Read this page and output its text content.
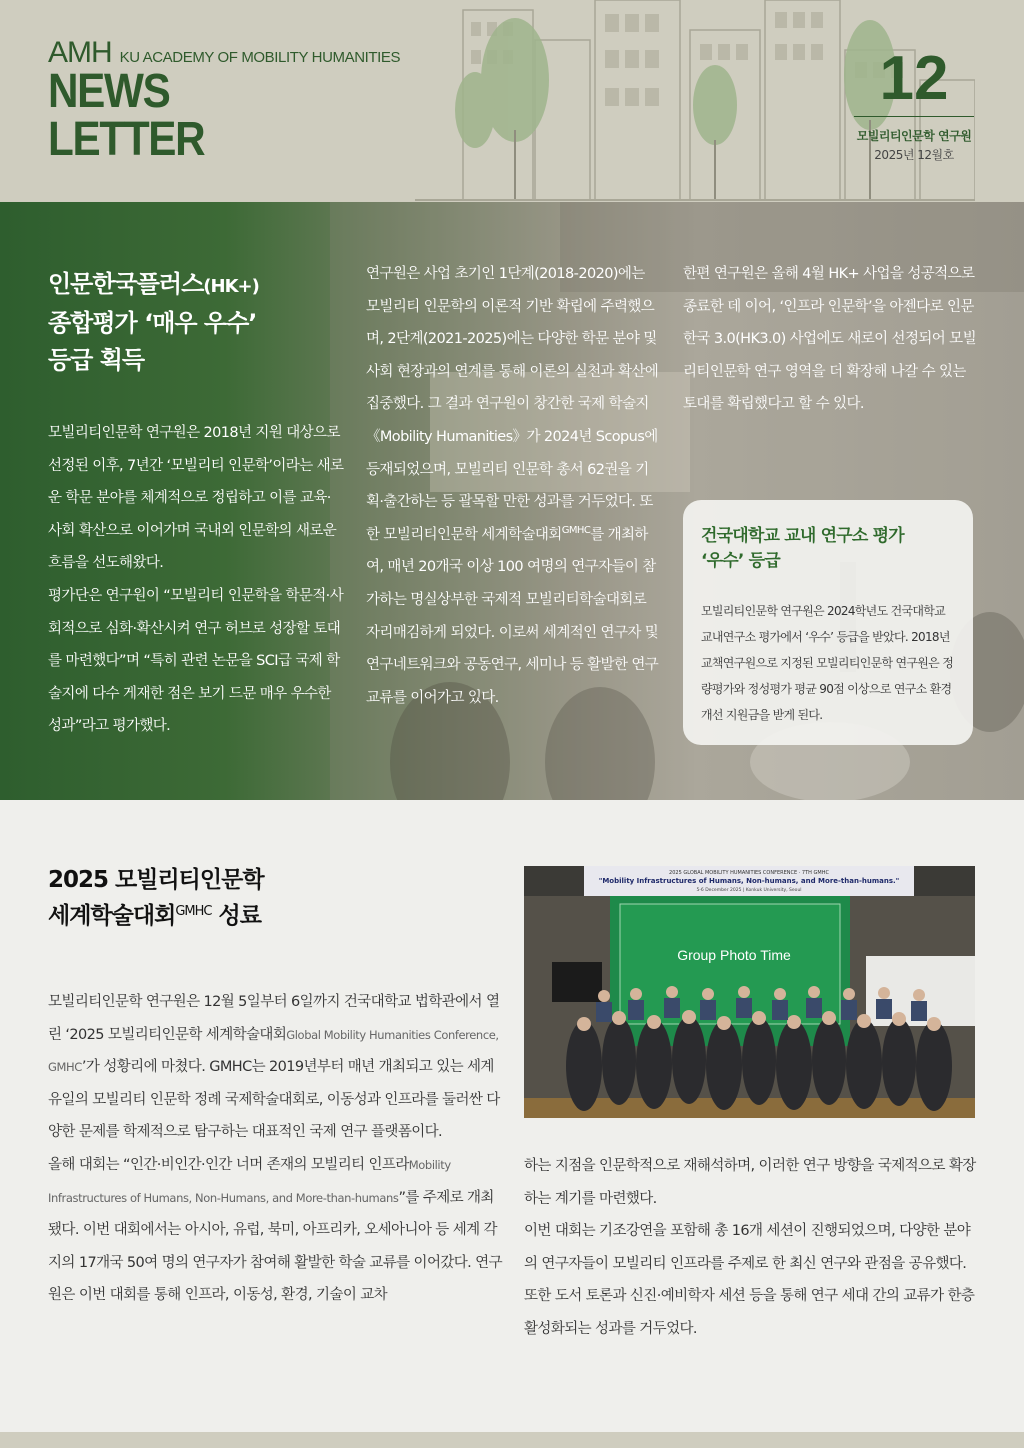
AMH KU ACADEMY OF MOBILITY HUMANITIES
NEWS
LETTER
12
모빌리티인문학 연구원
2025년 12월호
인문한국플러스(HK+)
종합평가 ‘매우 우수’
등급 획득

모빌리티인문학 연구원은 2018년 지원 대상으로 선정된 이후, 7년간 ‘모빌리티 인문학’이라는 새로운 학문 분야를 체계적으로 정립하고 이를 교육·사회 확산으로 이어가며 국내외 인문학의 새로운 흐름을 선도해왔다.

평가단은 연구원이 “모빌리티 인문학을 학문적·사회적으로 심화·확산시켜 연구 허브로 성장할 토대를 마련했다”며 “특히 관련 논문을 SCI급 국제 학술지에 다수 게재한 점은 보기 드문 매우 우수한 성과”라고 평가했다.

연구원은 사업 초기인 1단계(2018-2020)에는 모빌리티 인문학의 이론적 기반 확립에 주력했으며, 2단계(2021-2025)에는 다양한 학문 분야 및 사회 현장과의 연계를 통해 이론의 실천과 확산에 집중했다. 그 결과 연구원이 창간한 국제 학술지 《Mobility Humanities》가 2024년 Scopus에 등재되었으며, 모빌리티 인문학 총서 62권을 기획·출간하는 등 괄목할 만한 성과를 거두었다. 또한 모빌리티인문학 세계학술대회$^{GMHC}$를 개최하여, 매년 20개국 이상 100 여명의 연구자들이 참가하는 명실상부한 국제적 모빌리티학술대회로 자리매김하게 되었다. 이로써 세계적인 연구자 및 연구네트워크와 공동연구, 세미나 등 활발한 연구 교류를 이어가고 있다.

한편 연구원은 올해 4월 HK+ 사업을 성공적으로 종료한 데 이어, ‘인프라 인문학’을 아젠다로 인문한국 3.0(HK3.0) 사업에도 새로이 선정되어 모빌리티인문학 연구 영역을 더 확장해 나갈 수 있는 토대를 확립했다고 할 수 있다.

건국대학교 교내 연구소 평가
‘우수’ 등급
모빌리티인문학 연구원은 2024학년도 건국대학교 교내연구소 평가에서 ‘우수’ 등급을 받았다. 2018년 교책연구원으로 지정된 모빌리티인문학 연구원은 정량평가와 정성평가 평균 90점 이상으로 연구소 환경 개선 지원금을 받게 된다.
2025 모빌리티인문학
세계학술대회$^{GMHC}$ 성료

모빌리티인문학 연구원은 12월 5일부터 6일까지 건국대학교 법학관에서 열린 ‘2025 모빌리티인문학 세계학술대회Global Mobility Humanities Conference, GMHC’가 성황리에 마쳤다. GMHC는 2019년부터 매년 개최되고 있는 세계 유일의 모빌리티 인문학 정례 국제학술대회로, 이동성과 인프라를 둘러싼 다양한 문제를 학제적으로 탐구하는 대표적인 국제 연구 플랫폼이다.

올해 대회는 “인간·비인간·인간 너머 존재의 모빌리티 인프라Mobility Infrastructures of Humans, Non-Humans, and More-than-humans”를 주제로 개최됐다. 이번 대회에서는 아시아, 유럽, 북미, 아프리카, 오세아니아 등 세계 각지의 17개국 50여 명의 연구자가 참여해 활발한 학술 교류를 이어갔다. 연구원은 이번 대회를 통해 인프라, 이동성, 환경, 기술이 교차

2025 GLOBAL MOBILITY HUMANITIES CONFERENCE · 7TH GMHC
"Mobility Infrastructures of Humans, Non-humans, and More-than-humans."
5-6 December 2025 | Konkuk University, Seoul
Group Photo Time

하는 지점을 인문학적으로 재해석하며, 이러한 연구 방향을 국제적으로 확장하는 계기를 마련했다.

이번 대회는 기조강연을 포함해 총 16개 세션이 진행되었으며, 다양한 분야의 연구자들이 모빌리티 인프라를 주제로 한 최신 연구와 관점을 공유했다. 또한 도서 토론과 신진·예비학자 세션 등을 통해 연구 세대 간의 교류가 한층 활성화되는 성과를 거두었다.
